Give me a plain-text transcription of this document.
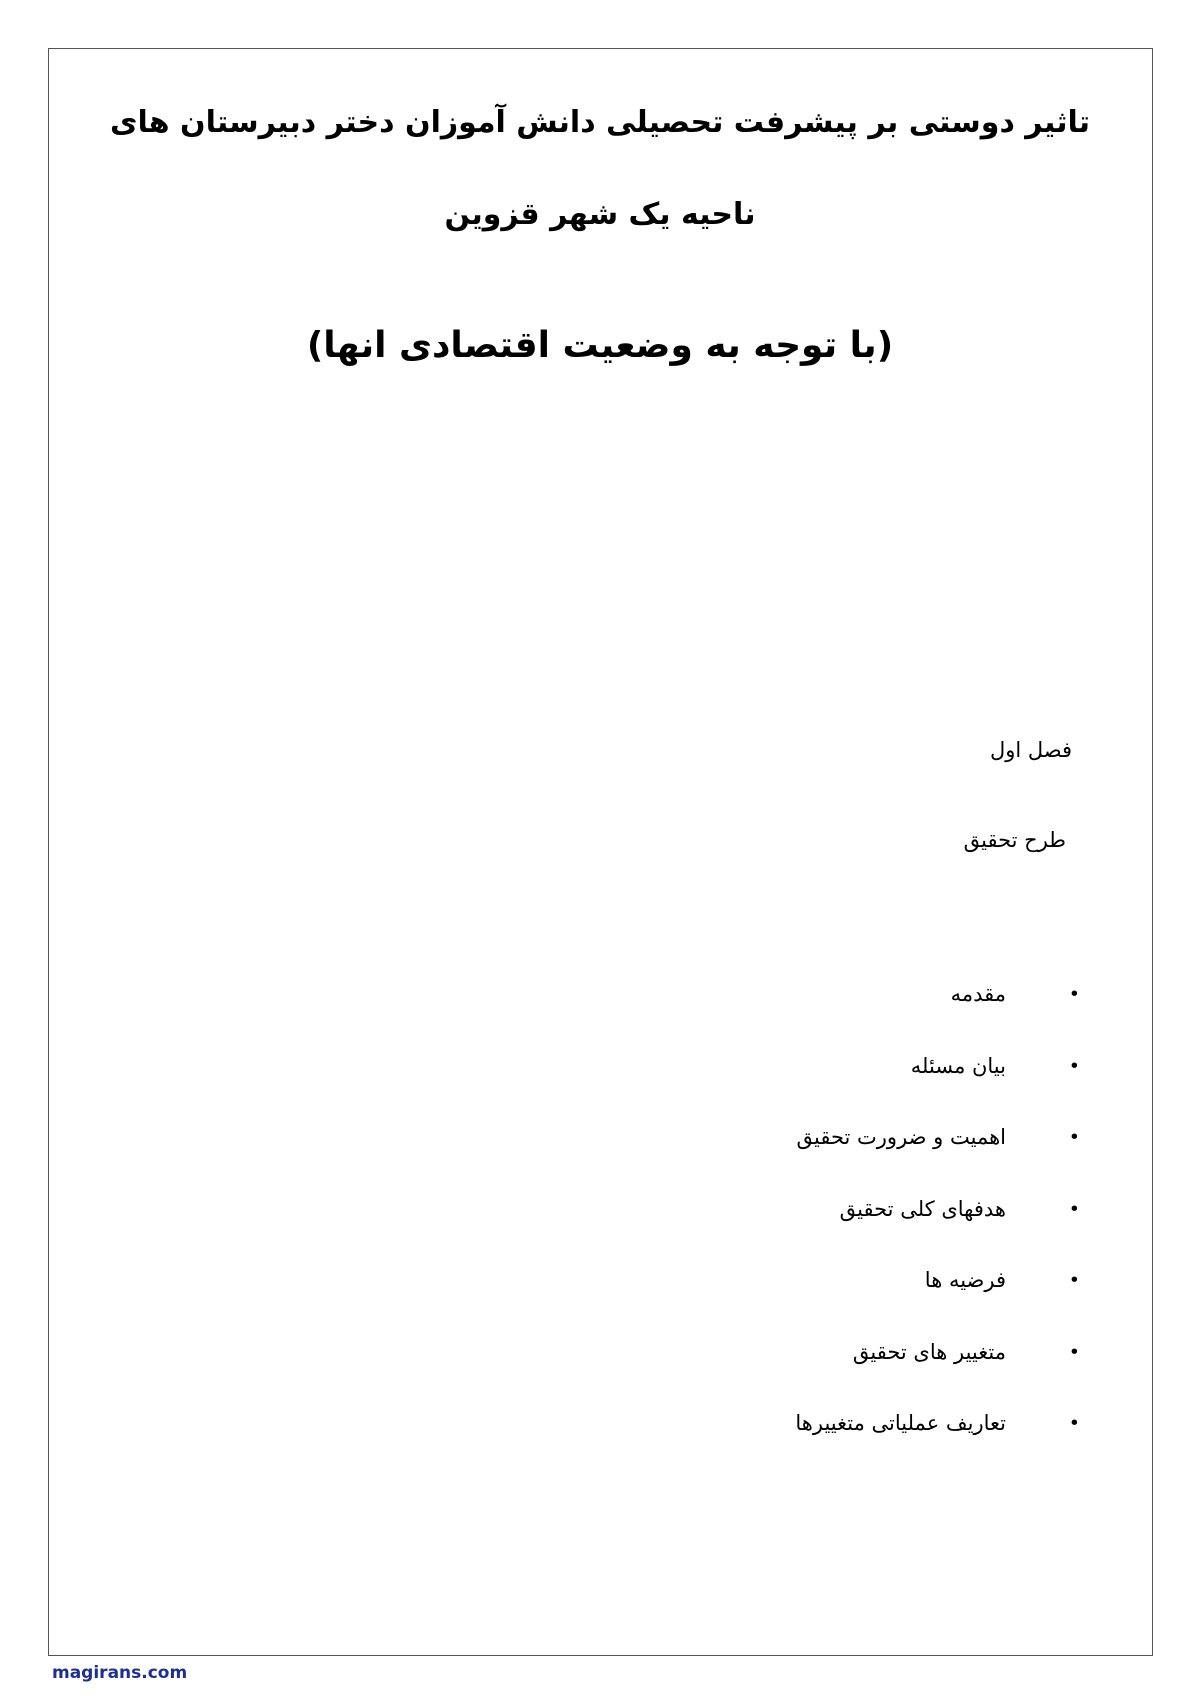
تاثیر دوستی بر پیشرفت تحصیلی دانش آموزان دختر دبیرستان های
ناحیه یک شهر قزوین
(با توجه به وضعیت اقتصادی انها)
فصل اول
طرح تحقیق
•
مقدمه
•
بیان مسئله
•
اهمیت و ضرورت تحقیق
•
هدفهای کلی تحقیق
•
فرضیه ها
•
متغییر های تحقیق
•
تعاریف عملیاتی متغییرها
magirans.com
